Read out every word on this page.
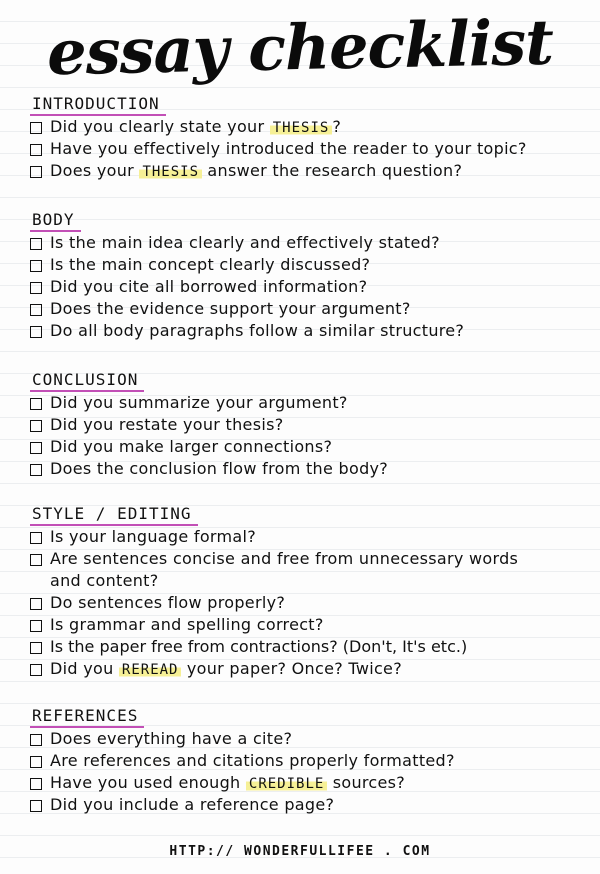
essay checklist
INTRODUCTION
Did you clearly state your THESIS ?
Have you effectively introduced the reader to your topic?
Does your THESIS answer the research question?
BODY
Is the main idea clearly and effectively stated?
Is the main concept clearly discussed?
Did you cite all borrowed information?
Does the evidence support your argument?
Do all body paragraphs follow a similar structure?
CONCLUSION
Did you summarize your argument?
Did you restate your thesis?
Did you make larger connections?
Does the conclusion flow from the body?
STYLE / EDITING
Is your language formal?
Are sentences concise and free from unnecessary words and content?
Do sentences flow properly?
Is grammar and spelling correct?
Is the paper free from contractions? (Don't, It's etc.)
Did you REREAD your paper? Once? Twice?
REFERENCES
Does everything have a cite?
Are references and citations properly formatted?
Have you used enough CREDIBLE sources?
Did you include a reference page?
HTTP:// WONDERFULLIFEE . COM
